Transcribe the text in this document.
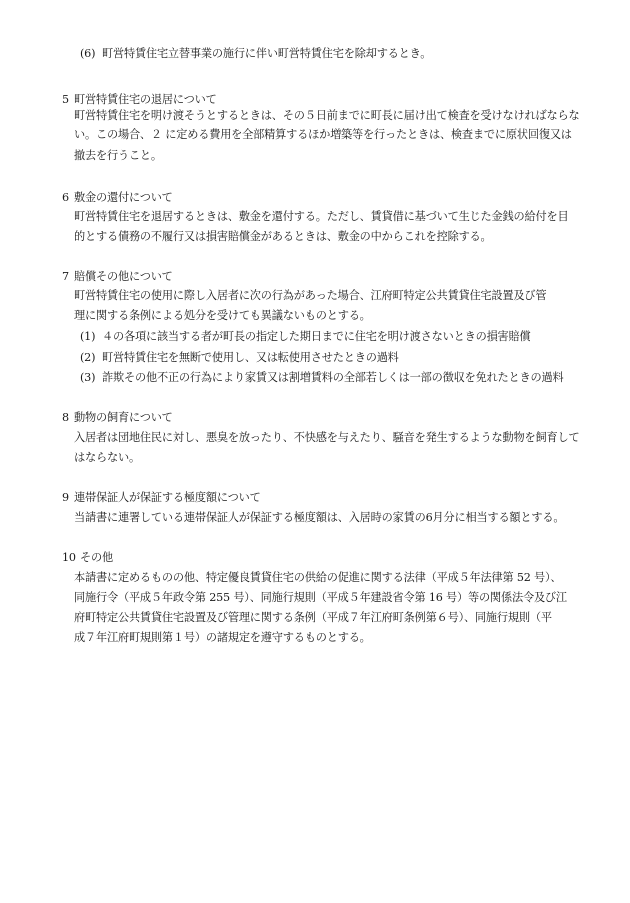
(6) 町営特賃住宅立替事業の施行に伴い町営特賃住宅を除却するとき。
5 町営特賃住宅の退居について
町営特賃住宅を明け渡そうとするときは、その５日前までに町長に届け出て検査を受けなければならな
い。この場合、２ に定める費用を全部精算するほか増築等を行ったときは、検査までに原状回復又は
撤去を行うこと。
6 敷金の還付について
町営特賃住宅を退居するときは、敷金を還付する。ただし、賃貸借に基づいて生じた金銭の給付を目
的とする債務の不履行又は損害賠償金があるときは、敷金の中からこれを控除する。
7 賠償その他について
町営特賃住宅の使用に際し入居者に次の行為があった場合、江府町特定公共賃貸住宅設置及び管
理に関する条例による処分を受けても異議ないものとする。
(1) ４の各項に該当する者が町長の指定した期日までに住宅を明け渡さないときの損害賠償
(2) 町営特賃住宅を無断で使用し、又は転使用させたときの過料
(3) 詐欺その他不正の行為により家賃又は割増賃料の全部若しくは一部の徴収を免れたときの過料
8 動物の飼育について
入居者は団地住民に対し、悪臭を放ったり、不快感を与えたり、騒音を発生するような動物を飼育して
はならない。
9 連帯保証人が保証する極度額について
当請書に連署している連帯保証人が保証する極度額は、入居時の家賃の6月分に相当する額とする。
10 その他
本請書に定めるものの他、特定優良賃貸住宅の供給の促進に関する法律（平成５年法律第 52 号）、
同施行令（平成５年政令第 255 号）、同施行規則（平成５年建設省令第 16 号）等の関係法令及び江
府町特定公共賃貸住宅設置及び管理に関する条例（平成７年江府町条例第６号）、同施行規則（平
成７年江府町規則第１号）の諸規定を遵守するものとする。
